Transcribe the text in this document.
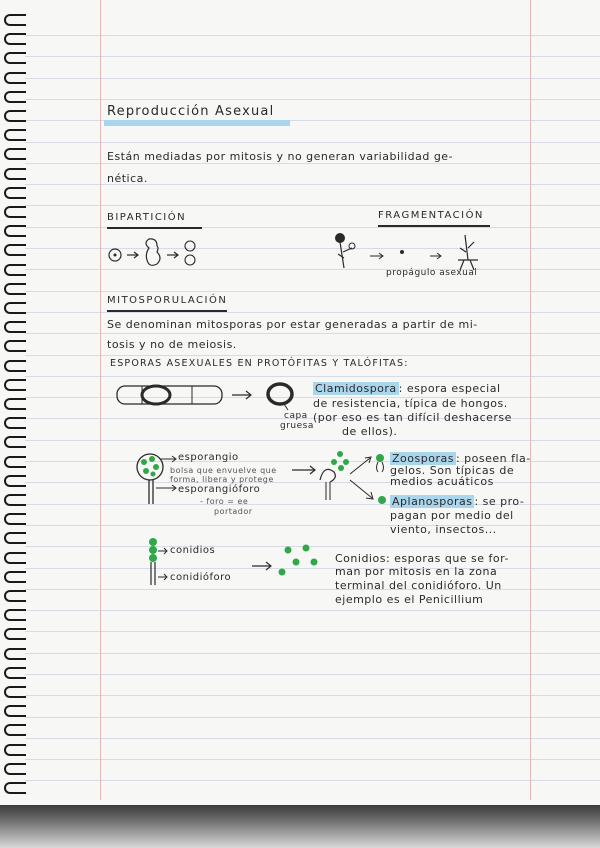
Reproducción Asexual
Están mediadas por mitosis y no generan variabilidad ge-
nética.
BIPARTICIÓN	FRAGMENTACIÓN
propágulo asexual
MITOSPORULACIÓN
Se denominan mitosporas por estar generadas a partir de mi-
tosis y no de meiosis.
ESPORAS ASEXUALES EN PROTÓFITAS Y TALÓFITAS:
capa
gruesa
Clamidospora : espora especial
de resistencia, típica de hongos.
(por eso es tan difícil deshacerse
de ellos).
esporangio
bolsa que envuelve que
forma, libera y protege
esporangióforo
- foro = ee
portador
Zoosporas : poseen fla-
gelos. Son típicas de
medios acuáticos
Aplanosporas : se pro-
pagan por medio del
viento, insectos...
conidios
conidióforo
Conidios: esporas que se for-
man por mitosis en la zona
terminal del conidióforo. Un
ejemplo es el Penicillium
